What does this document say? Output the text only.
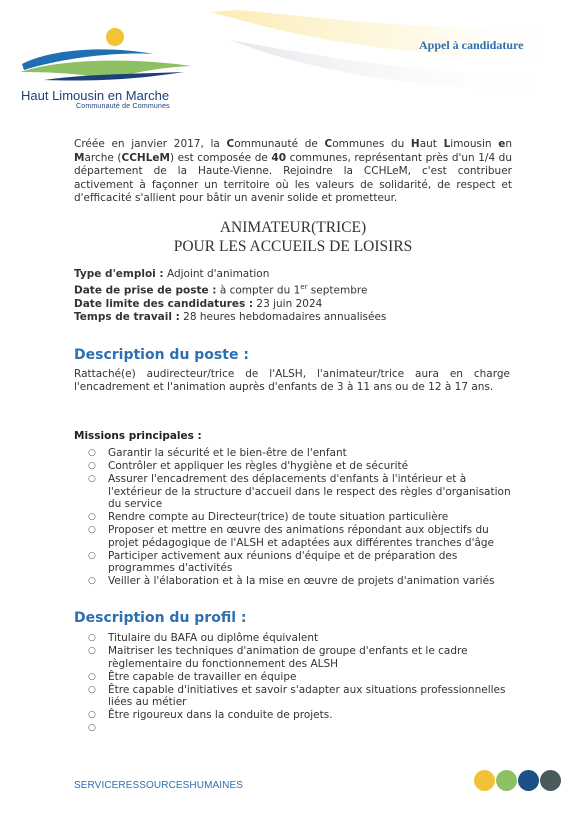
Haut Limousin en Marche
Communauté de Communes
Appel à candidature
Créée en janvier 2017, la Communauté de Communes du Haut Limousin en Marche (CCHLeM) est composée de 40 communes, représentant près d'un 1/4 du département de la Haute-Vienne. Rejoindre la CCHLeM, c'est contribuer activement à façonner un territoire où les valeurs de solidarité, de respect et d'efficacité s'allient pour bâtir un avenir solide et prometteur.
ANIMATEUR(TRICE)
POUR LES ACCUEILS DE LOISIRS
Type d'emploi : Adjoint d'animation
Date de prise de poste : à compter du 1er septembre
Date limite des candidatures : 23 juin 2024
Temps de travail : 28 heures hebdomadaires annualisées
Description du poste :
Rattaché(e) audirecteur/trice de l'ALSH, l'animateur/trice aura en charge l'encadrement et l'animation auprès d'enfants de 3 à 11 ans ou de 12 à 17 ans.
Missions principales :
○ Garantir la sécurité et le bien-être de l'enfant
○ Contrôler et appliquer les règles d'hygiène et de sécurité
○ Assurer l'encadrement des déplacements d'enfants à l'intérieur et à l'extérieur de la structure d'accueil dans le respect des règles d'organisation du service
○ Rendre compte au Directeur(trice) de toute situation particulière
○ Proposer et mettre en œuvre des animations répondant aux objectifs du projet pédagogique de l'ALSH et adaptées aux différentes tranches d'âge
○ Participer activement aux réunions d'équipe et de préparation des programmes d'activités
○ Veiller à l'élaboration et à la mise en œuvre de projets d'animation variés
Description du profil :
○ Titulaire du BAFA ou diplôme équivalent
○ Maitriser les techniques d'animation de groupe d'enfants et le cadre règlementaire du fonctionnement des ALSH
○ Être capable de travailler en équipe
○ Être capable d'initiatives et savoir s'adapter aux situations professionnelles liées au métier
○ Être rigoureux dans la conduite de projets.
○

SERVICERESSOURCESHUMAINES
